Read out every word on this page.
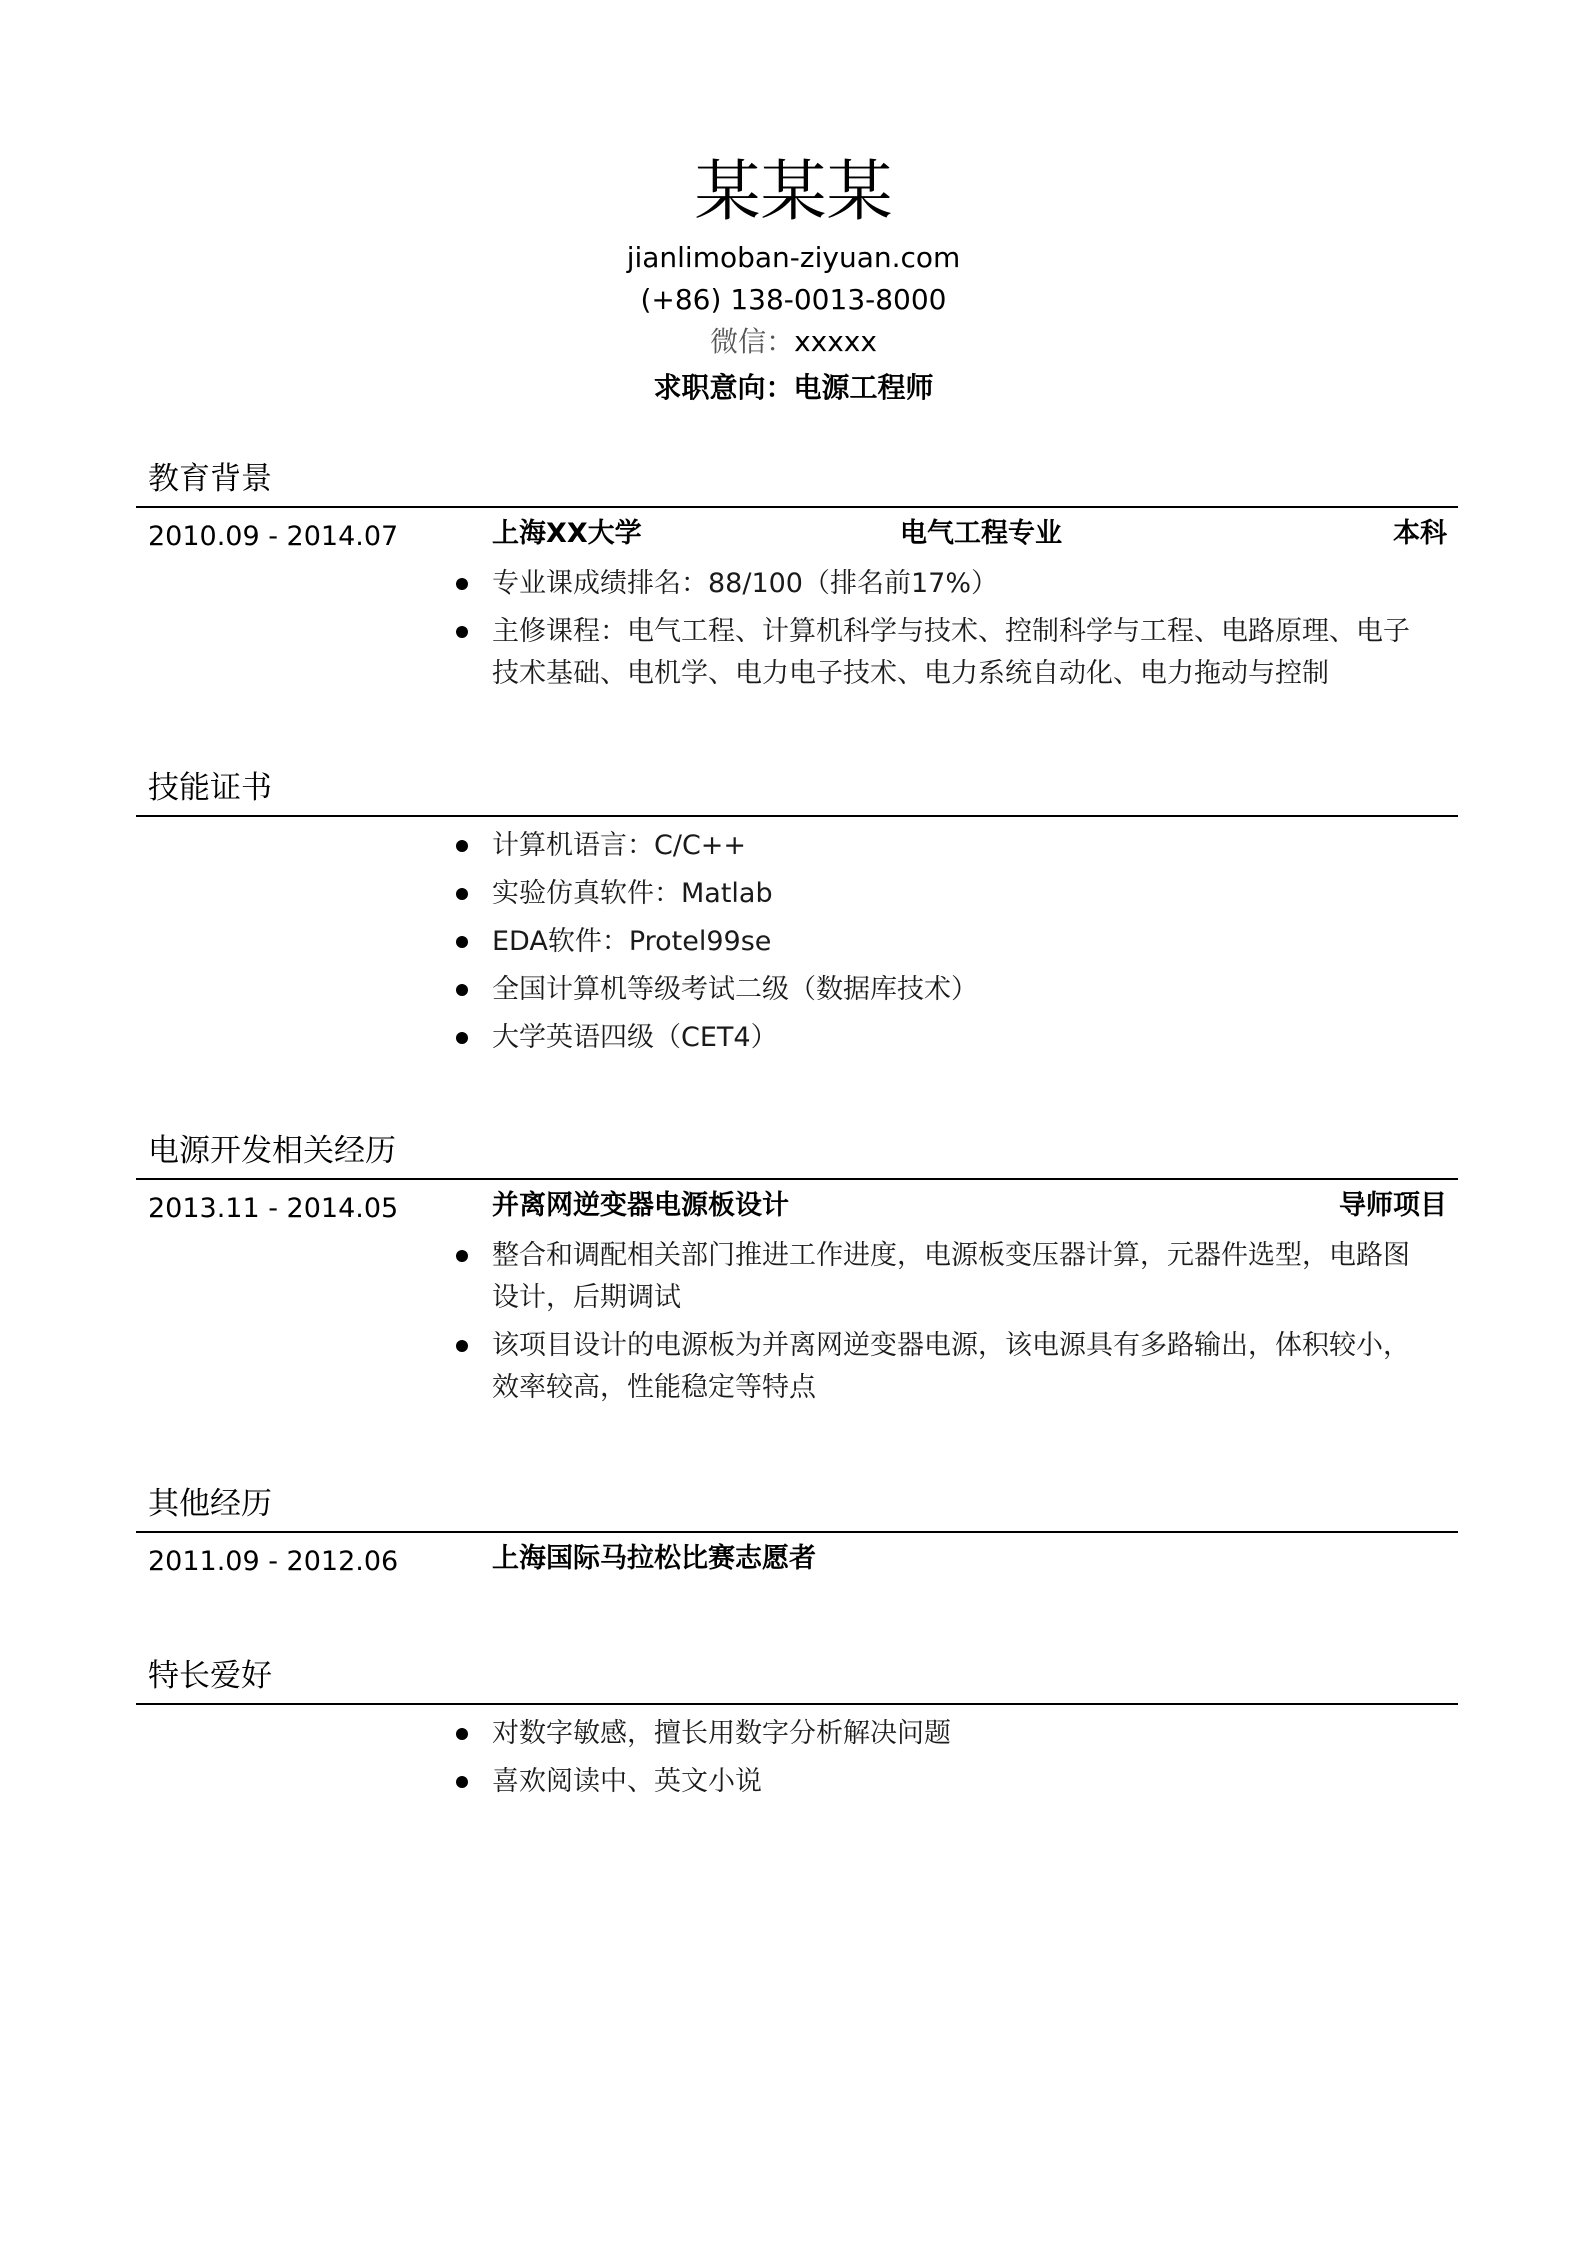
某某某
jianlimoban-ziyuan.com
(+86) 138-0013-8000
微信：xxxxx
求职意向：电源工程师
教育背景
2010.09 - 2014.07	上海XX大学	电气工程专业	本科
专业课成绩排名：88/100（排名前17%）
主修课程：电气工程、计算机科学与技术、控制科学与工程、电路原理、电子
技术基础、电机学、电力电子技术、电力系统自动化、电力拖动与控制
技能证书
计算机语言：C/C++
实验仿真软件：Matlab
EDA软件：Protel99se
全国计算机等级考试二级（数据库技术）
大学英语四级（CET4）
电源开发相关经历
2013.11 - 2014.05	并离网逆变器电源板设计	导师项目
整合和调配相关部门推进工作进度，电源板变压器计算，元器件选型，电路图
设计，后期调试
该项目设计的电源板为并离网逆变器电源，该电源具有多路输出，体积较小，
效率较高，性能稳定等特点
其他经历
2011.09 - 2012.06	上海国际马拉松比赛志愿者
特长爱好
对数字敏感，擅长用数字分析解决问题
喜欢阅读中、英文小说
